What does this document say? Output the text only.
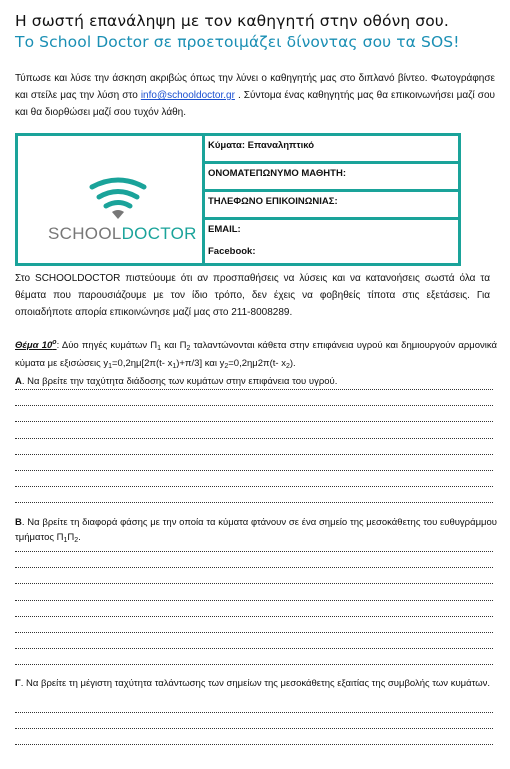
Η σωστή επανάληψη με τον καθηγητή στην οθόνη σου.
Το School Doctor σε προετοιμάζει δίνοντας σου τα SOS!
Τύπωσε και λύσε την άσκηση ακριβώς όπως την λύνει ο καθηγητής μας στο διπλανό βίντεο. Φωτογράφησε και στείλε μας την λύση στο info@schooldoctor.gr . Σύντομα ένας καθηγητής μας θα επικοινωνήσει μαζί σου και θα διορθώσει μαζί σου τυχόν λάθη.
SCHOOLDOCTOR
Κύματα: Επαναληπτικό
ΟΝΟΜΑΤΕΠΩΝΥΜΟ ΜΑΘΗΤΗ:
ΤΗΛΕΦΩΝΟ ΕΠΙΚΟΙΝΩΝΙΑΣ:
EMAIL:
Facebook:
Στο SCHOOLDOCTOR πιστεύουμε ότι αν προσπαθήσεις να λύσεις και να κατανοήσεις σωστά όλα τα θέματα που παρουσιάζουμε με τον ίδιο τρόπο, δεν έχεις να φοβηθείς τίποτα στις εξετάσεις. Για οποιαδήποτε απορία επικοινώνησε μαζί μας στο 211-8008289.
Θέμα $10^o$: Δύο πηγές κυμάτων $\Pi_1$ και $\Pi_2$ ταλαντώνονται κάθετα στην επιφάνεια υγρού και δημιουργούν αρμονικά κύματα με εξισώσεις $y_1=0,2\eta\mu[2\pi(t-$ $x_1)+\pi/3$] και $y_2=0,2\eta\mu 2\pi(t-$ $x_2$).
Α. Να βρείτε την ταχύτητα διάδοσης των κυμάτων στην επιφάνεια του υγρού.
Β. Να βρείτε τη διαφορά φάσης με την οποία τα κύματα φτάνουν σε ένα σημείο της μεσοκάθετης του ευθυγράμμου τμήματος $\Pi_1\Pi_2$.
Γ. Να βρείτε τη μέγιστη ταχύτητα ταλάντωσης των σημείων της μεσοκάθετης εξαιτίας της συμβολής των κυμάτων.
